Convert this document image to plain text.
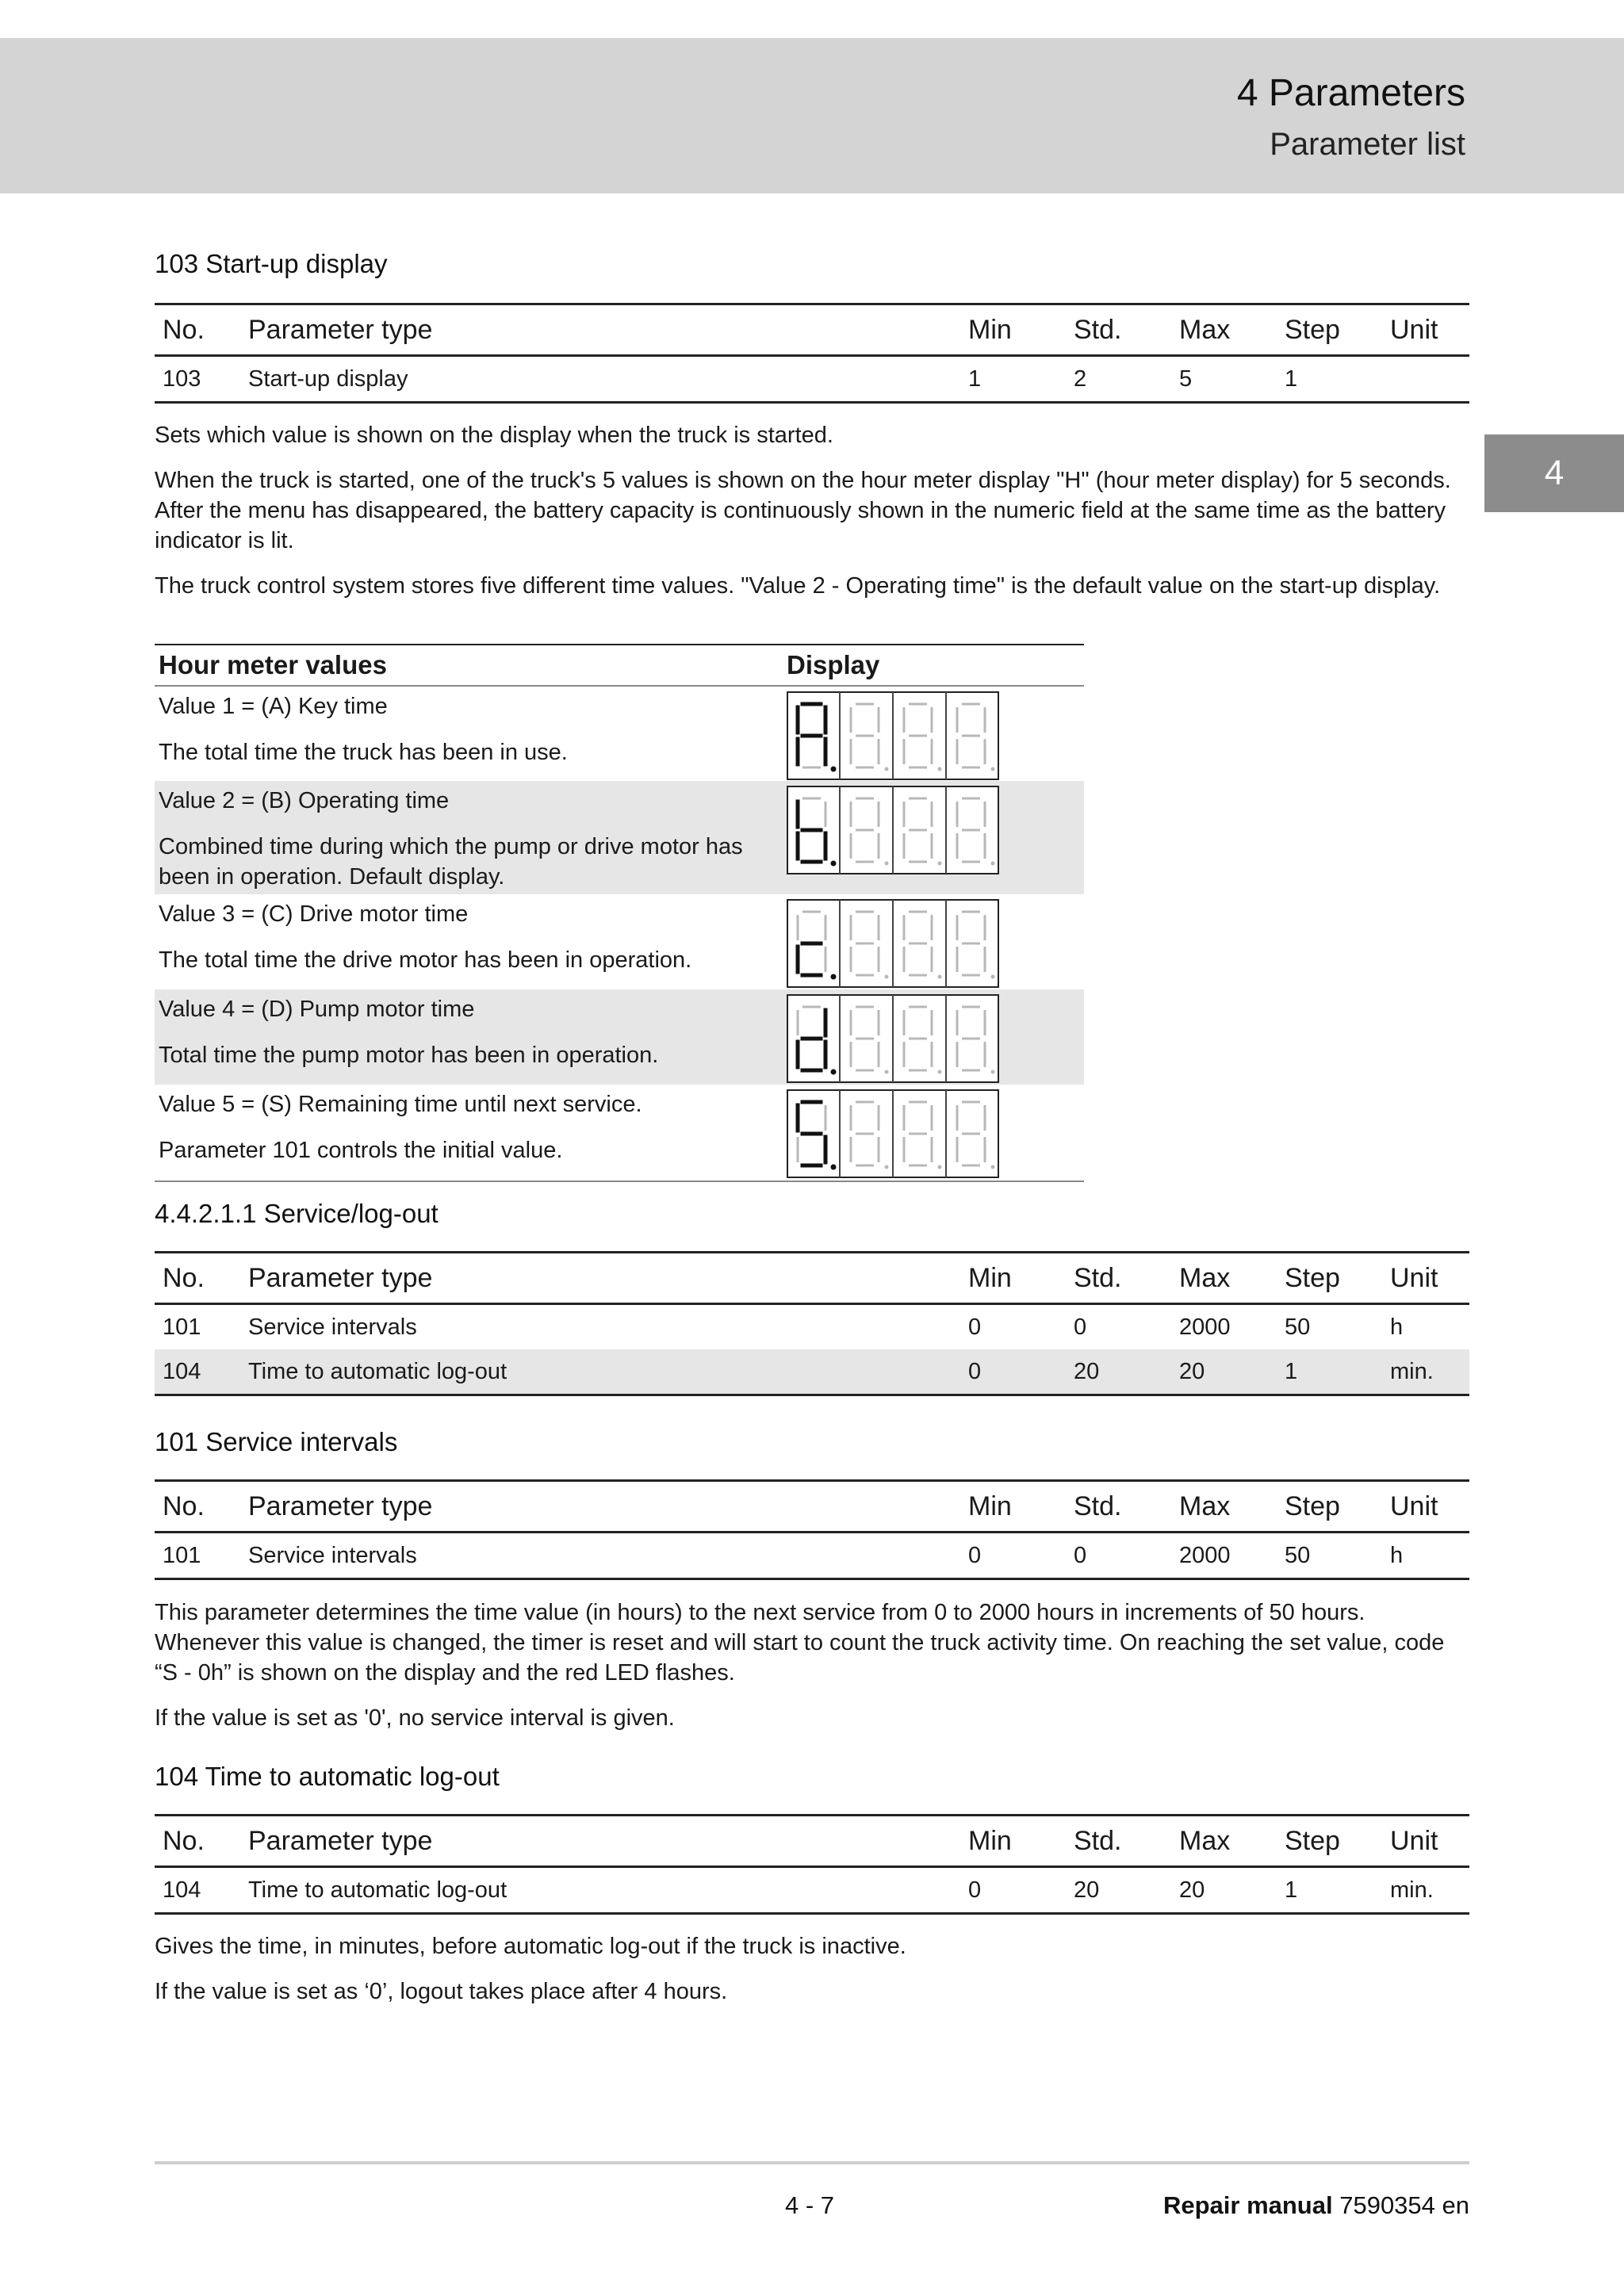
4 Parameters
Parameter list
4
103 Start-up display
No.	Parameter type	Min	Std.	Max	Step	Unit
103	Start-up display	1	2	5	1	
Sets which value is shown on the display when the truck is started.
When the truck is started, one of the truck's 5 values is shown on the hour meter display "H" (hour meter display) for 5 seconds. After the menu has disappeared, the battery capacity is continuously shown in the numeric field at the same time as the battery indicator is lit.
The truck control system stores five different time values. "Value 2 - Operating time" is the default value on the start-up display.
Hour meter values	Display

Value 1 = (A) Key time
The total time the truck has been in use.

Value 2 = (B) Operating time
Combined time during which the pump or drive motor has been in operation. Default display.

Value 3 = (C) Drive motor time
The total time the drive motor has been in operation.

Value 4 = (D) Pump motor time
Total time the pump motor has been in operation.

Value 5 = (S) Remaining time until next service.
Parameter 101 controls the initial value.

4.4.2.1.1 Service/log-out
No.	Parameter type	Min	Std.	Max	Step	Unit
101	Service intervals	0	0	2000	50	h
104	Time to automatic log-out	0	20	20	1	min.
101 Service intervals
No.	Parameter type	Min	Std.	Max	Step	Unit
101	Service intervals	0	0	2000	50	h
This parameter determines the time value (in hours) to the next service from 0 to 2000 hours in increments of 50 hours. Whenever this value is changed, the timer is reset and will start to count the truck activity time. On reaching the set value, code “S - 0h” is shown on the display and the red LED flashes.
If the value is set as '0', no service interval is given.
104 Time to automatic log-out
No.	Parameter type	Min	Std.	Max	Step	Unit
104	Time to automatic log-out	0	20	20	1	min.
Gives the time, in minutes, before automatic log-out if the truck is inactive.
If the value is set as ‘0’, logout takes place after 4 hours.
4 - 7	Repair manual 7590354 en
